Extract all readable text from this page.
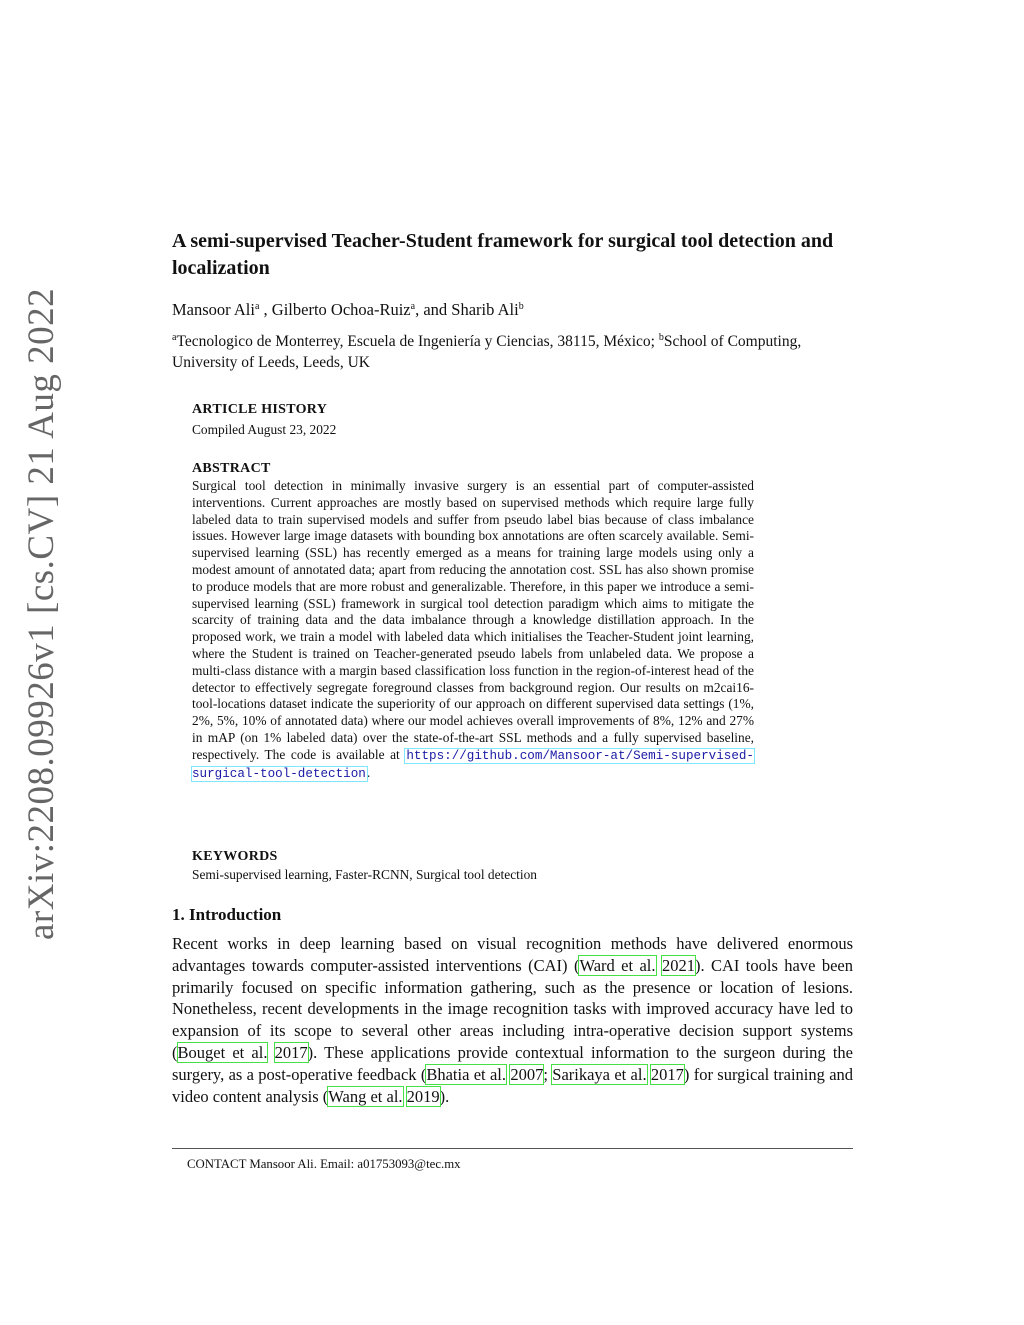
arXiv:2208.09926v1 [cs.CV] 21 Aug 2022
A semi-supervised Teacher-Student framework for surgical tool detection and localization
Mansoor Ali$^a$ , Gilberto Ochoa-Ruiz$^a$, and Sharib Ali$^b$
$^a$Tecnologico de Monterrey, Escuela de Ingeniería y Ciencias, 38115, México; $^b$School of Computing, University of Leeds, Leeds, UK

ARTICLE HISTORY

Compiled August 23, 2022

ABSTRACT

Surgical tool detection in minimally invasive surgery is an essential part of computer-assisted interventions. Current approaches are mostly based on supervised methods which require large fully labeled data to train supervised models and suffer from pseudo label bias because of class imbalance issues. However large image datasets with bounding box annotations are often scarcely available. Semi-supervised learning (SSL) has recently emerged as a means for training large models using only a modest amount of annotated data; apart from reducing the annotation cost. SSL has also shown promise to produce models that are more robust and generalizable. Therefore, in this paper we introduce a semi-supervised learning (SSL) framework in surgical tool detection paradigm which aims to mitigate the scarcity of training data and the data imbalance through a knowledge distillation approach. In the proposed work, we train a model with labeled data which initialises the Teacher-Student joint learning, where the Student is trained on Teacher-generated pseudo labels from unlabeled data. We propose a multi-class distance with a margin based classification loss function in the region-of-interest head of the detector to effectively segregate foreground classes from background region. Our results on m2cai16-tool-locations dataset indicate the superiority of our approach on different supervised data settings (1%, 2%, 5%, 10% of annotated data) where our model achieves overall improvements of 8%, 12% and 27% in mAP (on 1% labeled data) over the state-of-the-art SSL methods and a fully supervised baseline, respectively. The code is available at https://github.com/Mansoor-at/Semi-supervised-surgical-tool-detection.

KEYWORDS

Semi-supervised learning, Faster-RCNN, Surgical tool detection

1. Introduction

Recent works in deep learning based on visual recognition methods have delivered enormous advantages towards computer-assisted interventions (CAI) (Ward et al. 2021). CAI tools have been primarily focused on specific information gathering, such as the presence or location of lesions. Nonetheless, recent developments in the image recognition tasks with improved accuracy have led to expansion of its scope to several other areas including intra-operative decision support systems (Bouget et al. 2017). These applications provide contextual information to the surgeon during the surgery, as a post-operative feedback (Bhatia et al. 2007; Sarikaya et al. 2017) for surgical training and video content analysis (Wang et al. 2019).

CONTACT Mansoor Ali. Email: a01753093@tec.mx
